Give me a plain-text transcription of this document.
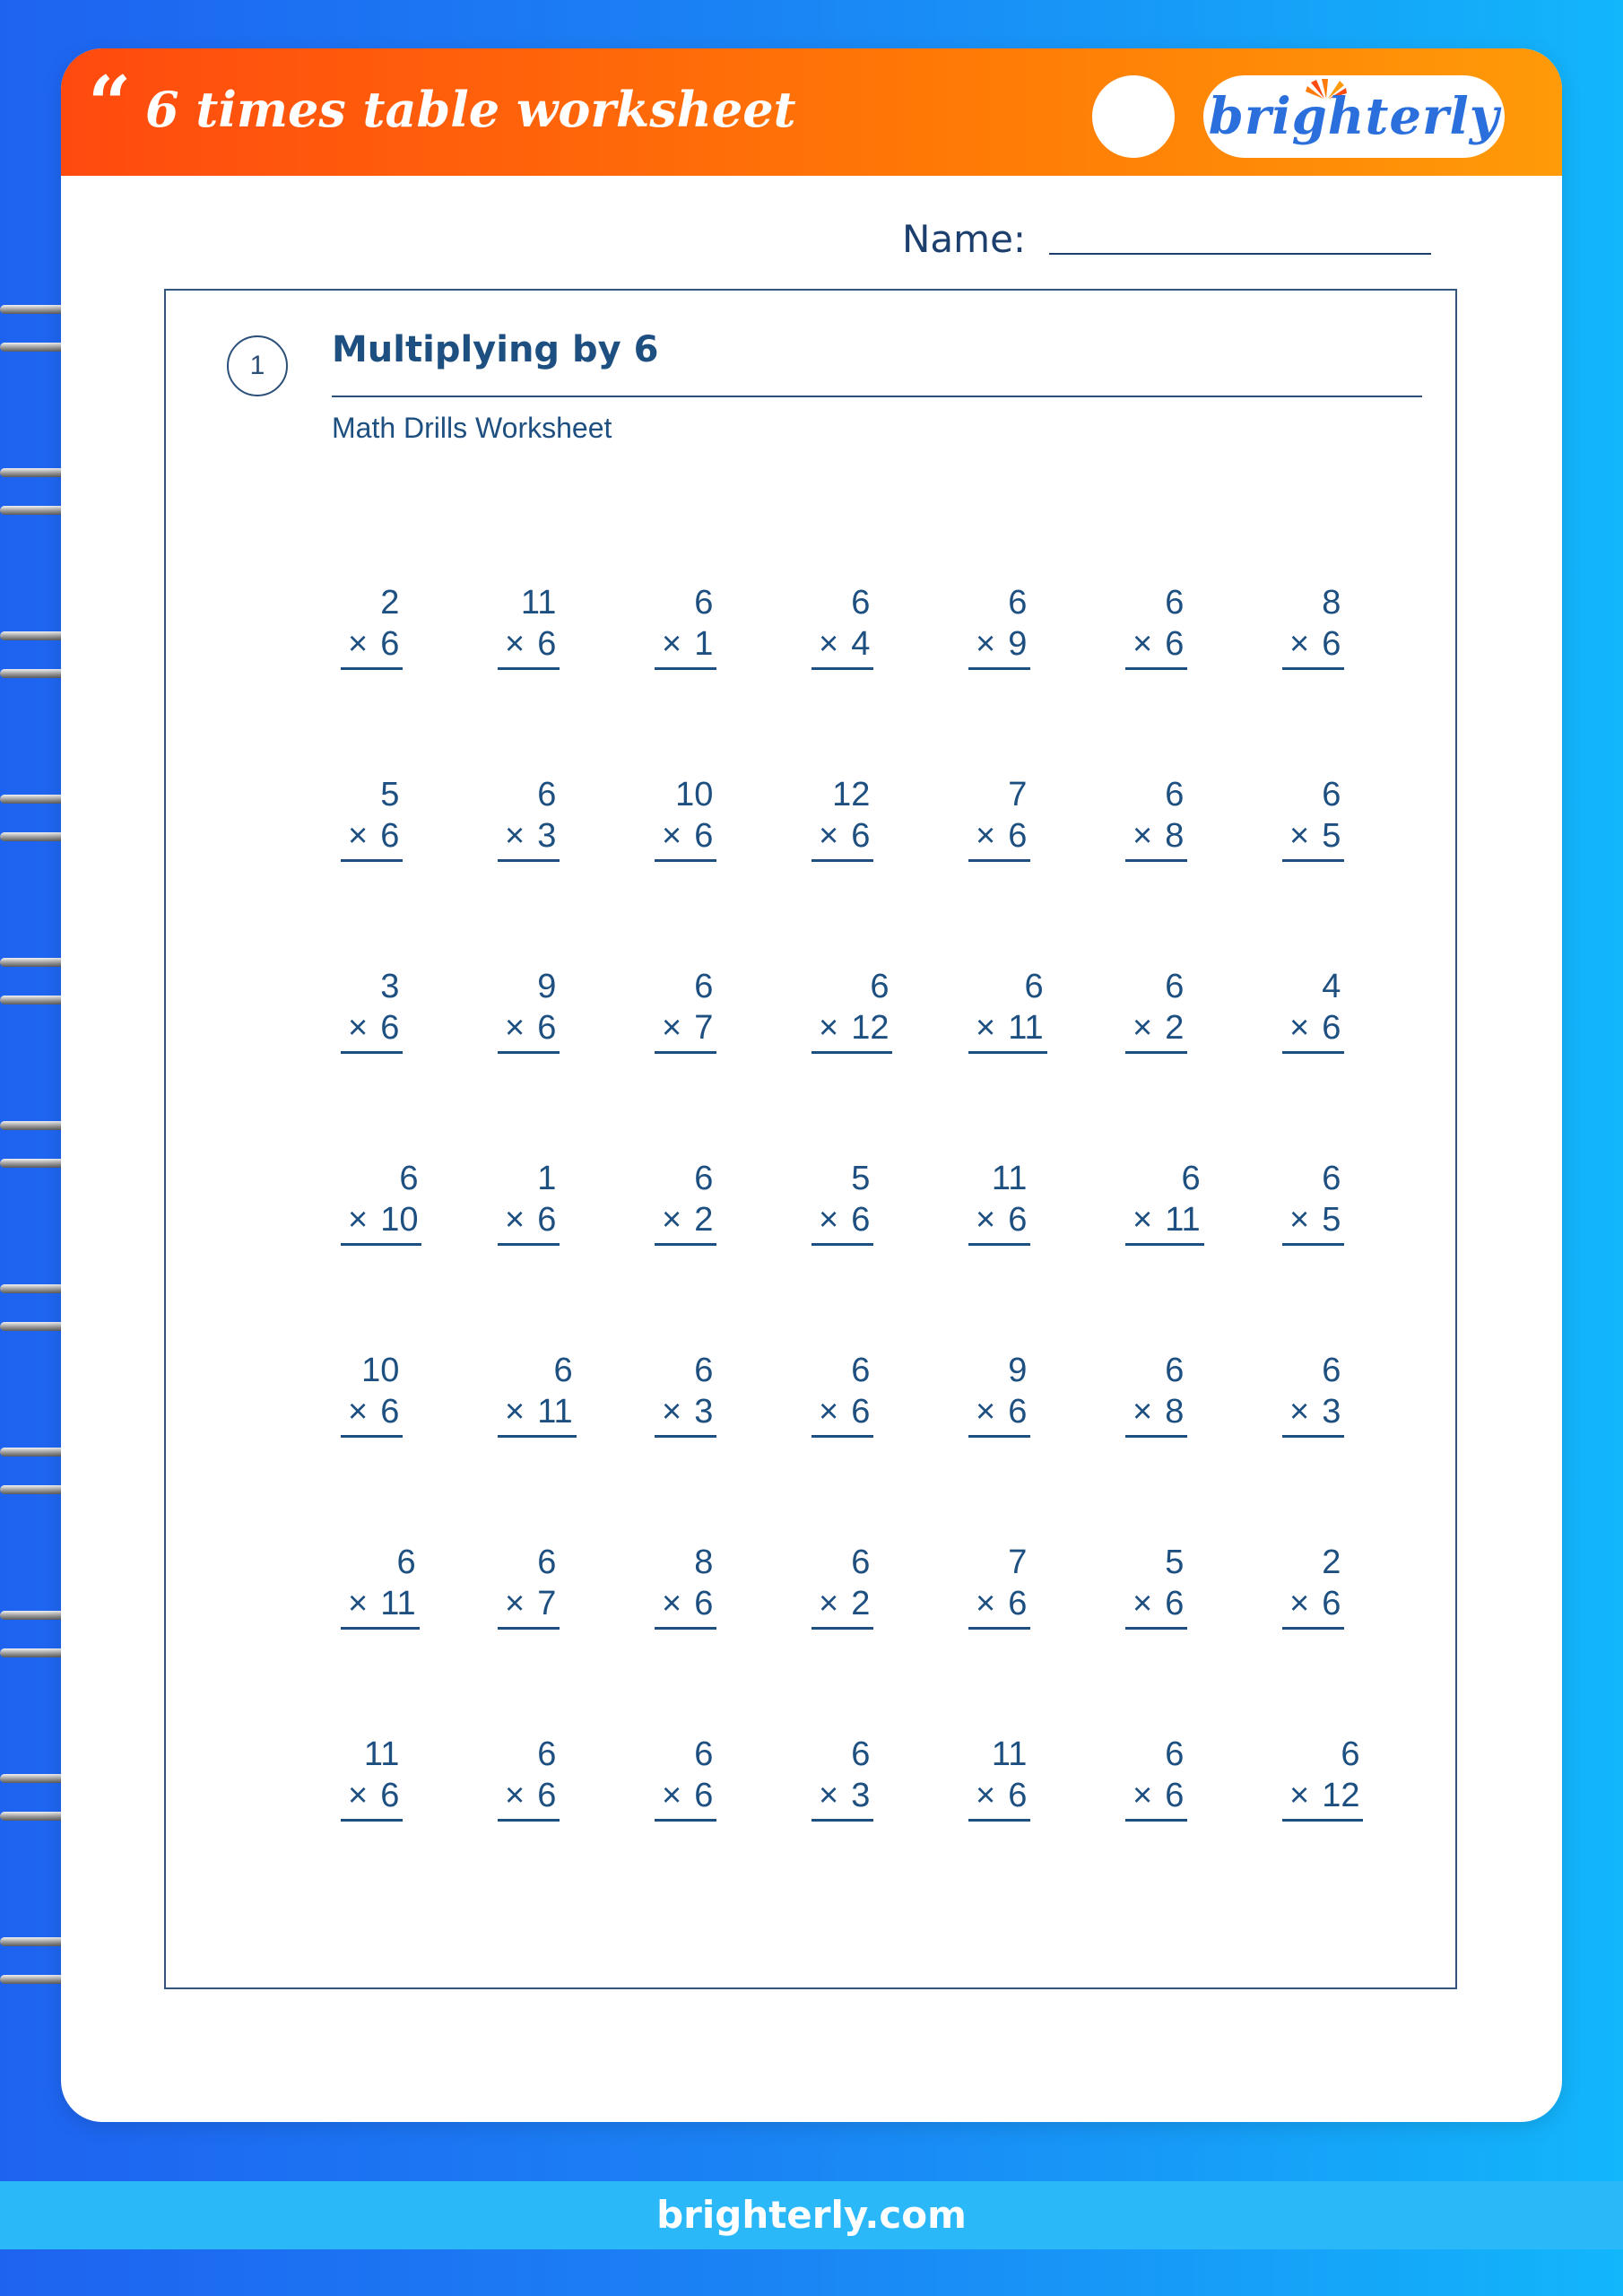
“ 6 times table worksheet	brighterly
Name:
1	Multiplying by 6
Math Drills Worksheet
2
× 6
11
× 6
6
× 1
6
× 4
6
× 9
6
× 6
8
× 6
5
× 6
6
× 3
10
× 6
12
× 6
7
× 6
6
× 8
6
× 5
3
× 6
9
× 6
6
× 7
6
× 12
6
× 11
6
× 2
4
× 6
6
× 10
1
× 6
6
× 2
5
× 6
11
× 6
6
× 11
6
× 5
10
× 6
6
× 11
6
× 3
6
× 6
9
× 6
6
× 8
6
× 3
6
× 11
6
× 7
8
× 6
6
× 2
7
× 6
5
× 6
2
× 6
11
× 6
6
× 6
6
× 6
6
× 3
11
× 6
6
× 6
6
× 12
brighterly.com
